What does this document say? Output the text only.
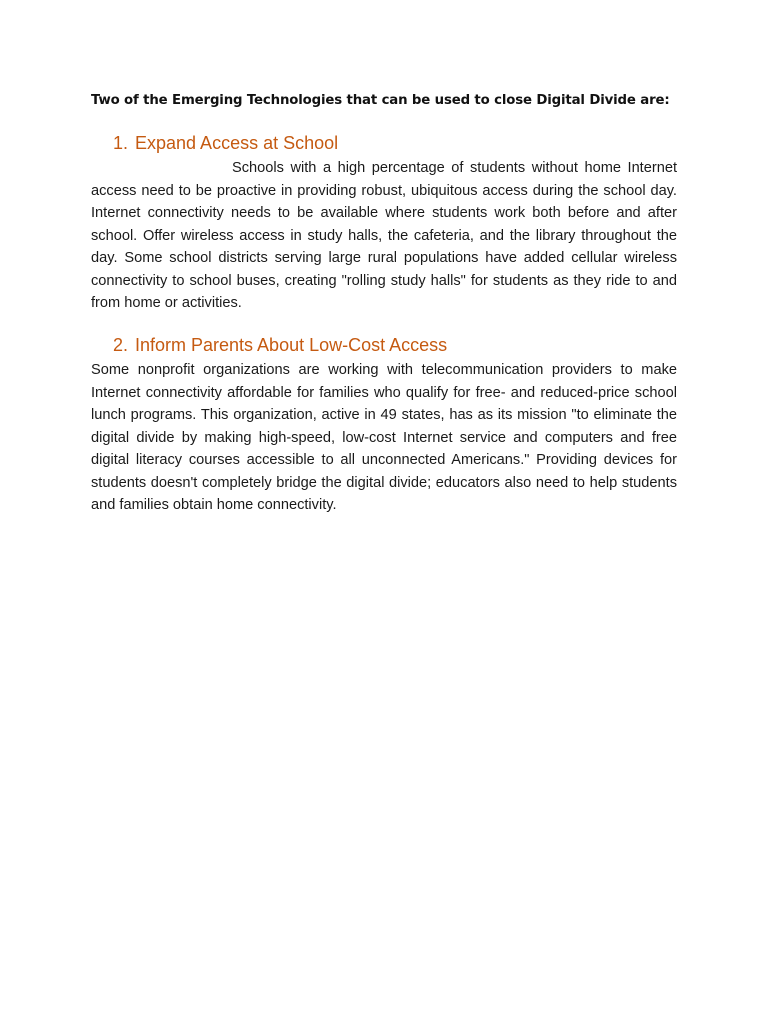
Two of the Emerging Technologies that can be used to close Digital Divide are:

1. Expand Access at School

Schools with a high percentage of students without home Internet access need to be proactive in providing robust, ubiquitous access during the school day. Internet connectivity needs to be available where students work both before and after school. Offer wireless access in study halls, the cafeteria, and the library throughout the day. Some school districts serving large rural populations have added cellular wireless connectivity to school buses, creating "rolling study halls" for students as they ride to and from home or activities.

2. Inform Parents About Low-Cost Access

Some nonprofit organizations are working with telecommunication providers to make Internet connectivity affordable for families who qualify for free- and reduced-price school lunch programs. This organization, active in 49 states, has as its mission "to eliminate the digital divide by making high-speed, low-cost Internet service and computers and free digital literacy courses accessible to all unconnected Americans." Providing devices for students doesn't completely bridge the digital divide; educators also need to help students and families obtain home connectivity.
